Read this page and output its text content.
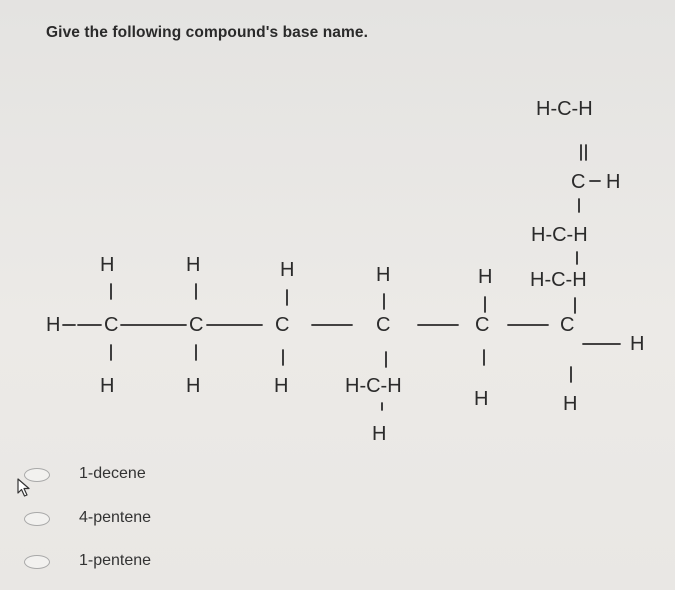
Give the following compound's base name.
C	C	C	C	C	C
H
H
H	H	H	H	H
H	H	H
H	H
H-C-H
H
H-C-H
H-C-H
C H
H-C-H
1-decene
4-pentene
1-pentene
